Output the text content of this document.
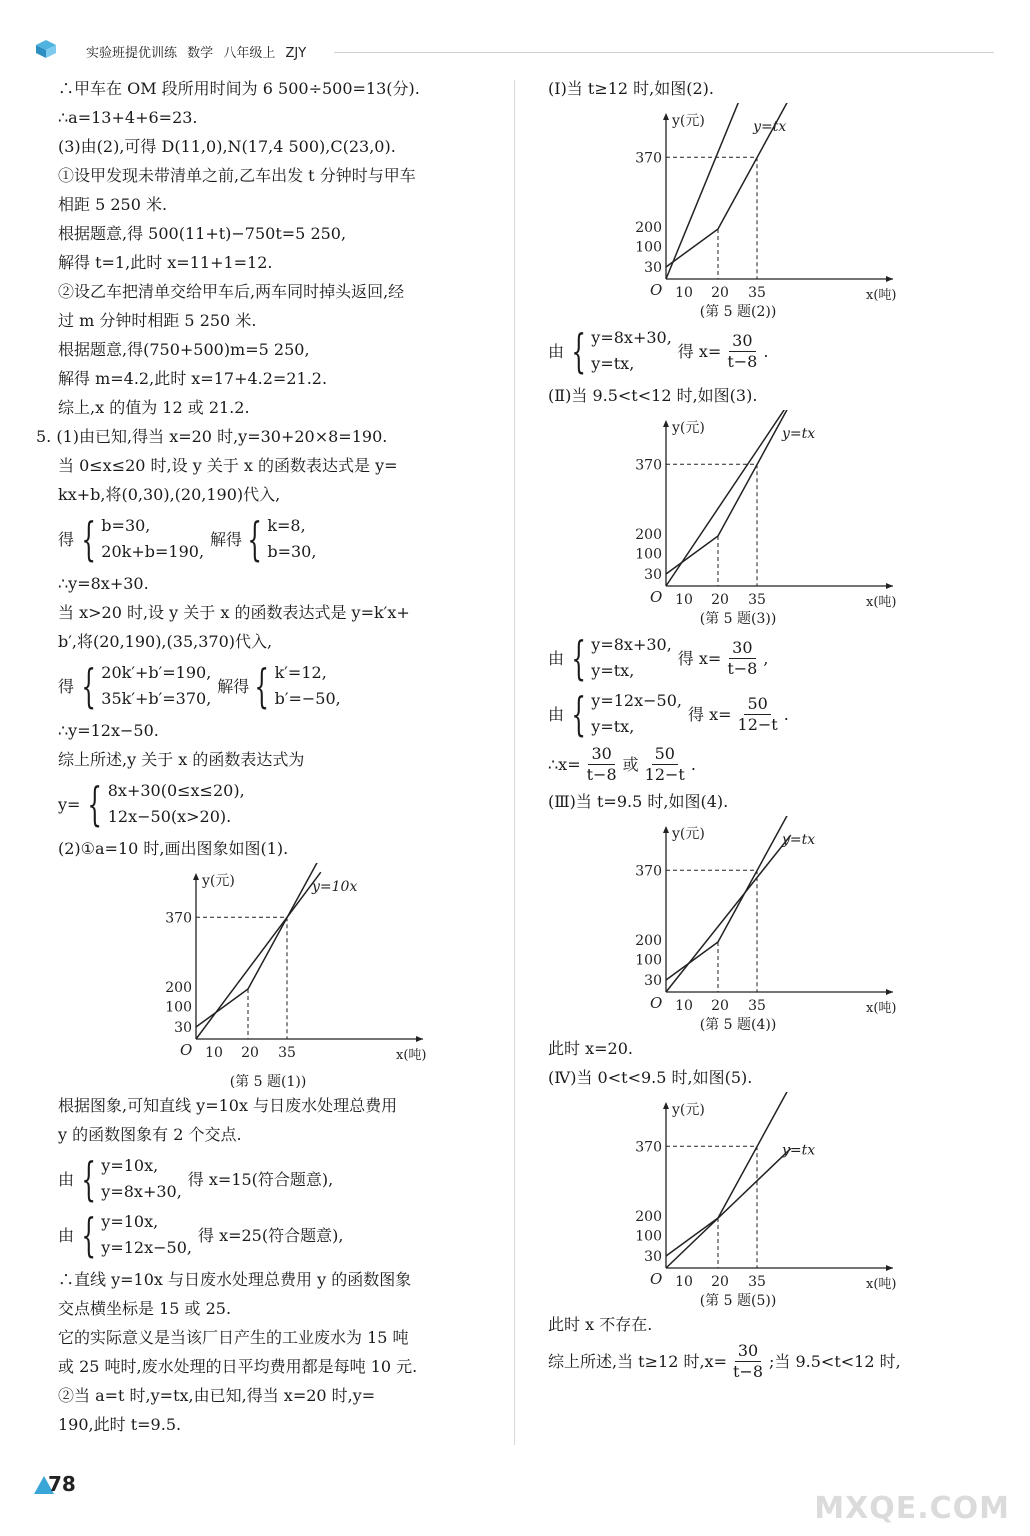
实验班提优训练 数学 八年级上 ZJY
∴甲车在 OM 段所用时间为 6 500÷500=13(分).
∴a=13+4+6=23.
(3)由(2),可得 D(11,0),N(17,4 500),C(23,0).
①设甲发现未带清单之前,乙车出发 t 分钟时与甲车
相距 5 250 米.
根据题意,得 500(11+t)−750t=5 250,
解得 t=1,此时 x=11+1=12.
②设乙车把清单交给甲车后,两车同时掉头返回,经
过 m 分钟时相距 5 250 米.
根据题意,得(750+500)m=5 250,
解得 m=4.2,此时 x=17+4.2=21.2.
综上,x 的值为 12 或 21.2.
5. (1)由已知,得当 x=20 时,y=30+20×8=190.
当 0≤x≤20 时,设 y 关于 x 的函数表达式是 y=
kx+b,将(0,30),(20,190)代入,
得 { b=30,
20k+b=190,
解得 { k=8,
b=30,
∴y=8x+30.
当 x>20 时,设 y 关于 x 的函数表达式是 y=k′x+
b′,将(20,190),(35,370)代入,
得 { 20k′+b′=190,
35k′+b′=370,
解得 { k′=12,
b′=−50,
∴y=12x−50.
综上所述,y 关于 x 的函数表达式为
y= { 8x+30(0≤x≤20),
12x−50(x>20).
(2)①a=10 时,画出图象如图(1).
y(元)
x(吨)
O
370
200
100
30
10 20 35
y=10x
(第 5 题(1))
根据图象,可知直线 y=10x 与日废水处理总费用
y 的函数图象有 2 个交点.
由 { y=10x,
y=8x+30,
得 x=15(符合题意),
由 { y=10x,
y=12x−50,
得 x=25(符合题意),
∴直线 y=10x 与日废水处理总费用 y 的函数图象
交点横坐标是 15 或 25.
它的实际意义是当该厂日产生的工业废水为 15 吨
或 25 吨时,废水处理的日平均费用都是每吨 10 元.
②当 a=t 时,y=tx,由已知,得当 x=20 时,y=
190,此时 t=9.5.
(Ⅰ)当 t≥12 时,如图(2).
y(元)
x(吨)
O
370
200
100
30
10 20 35
y=tx
(第 5 题(2))
由 { y=8x+30,
y=tx,
得 $x= \frac{30}{t-8}$ .
(Ⅱ)当 9.5<t<12 时,如图(3).
y(元)
x(吨)
O
370
200
100
30
10 20 35
y=tx
(第 5 题(3))
由 { y=8x+30,
y=tx,
得 $x= \frac{30}{t-8}$ ,
由 { y=12x−50,
y=tx,
得 $x= \frac{50}{12-t}$ .
∴x= $\frac{30}{t-8}$ 或 $\frac{50}{12-t}$ .
(Ⅲ)当 t=9.5 时,如图(4).
y(元)
x(吨)
O
370
200
100
30
10 20 35
y=tx
(第 5 题(4))
此时 x=20.
(Ⅳ)当 0<t<9.5 时,如图(5).
y(元)
x(吨)
O
370
200
100
30
10 20 35
y=tx
(第 5 题(5))
此时 x 不存在.
综上所述,当 t≥12 时$,x= \frac{30}{t-8}$ ;当 9.5<t<12 时,
78
MXQE.COM
